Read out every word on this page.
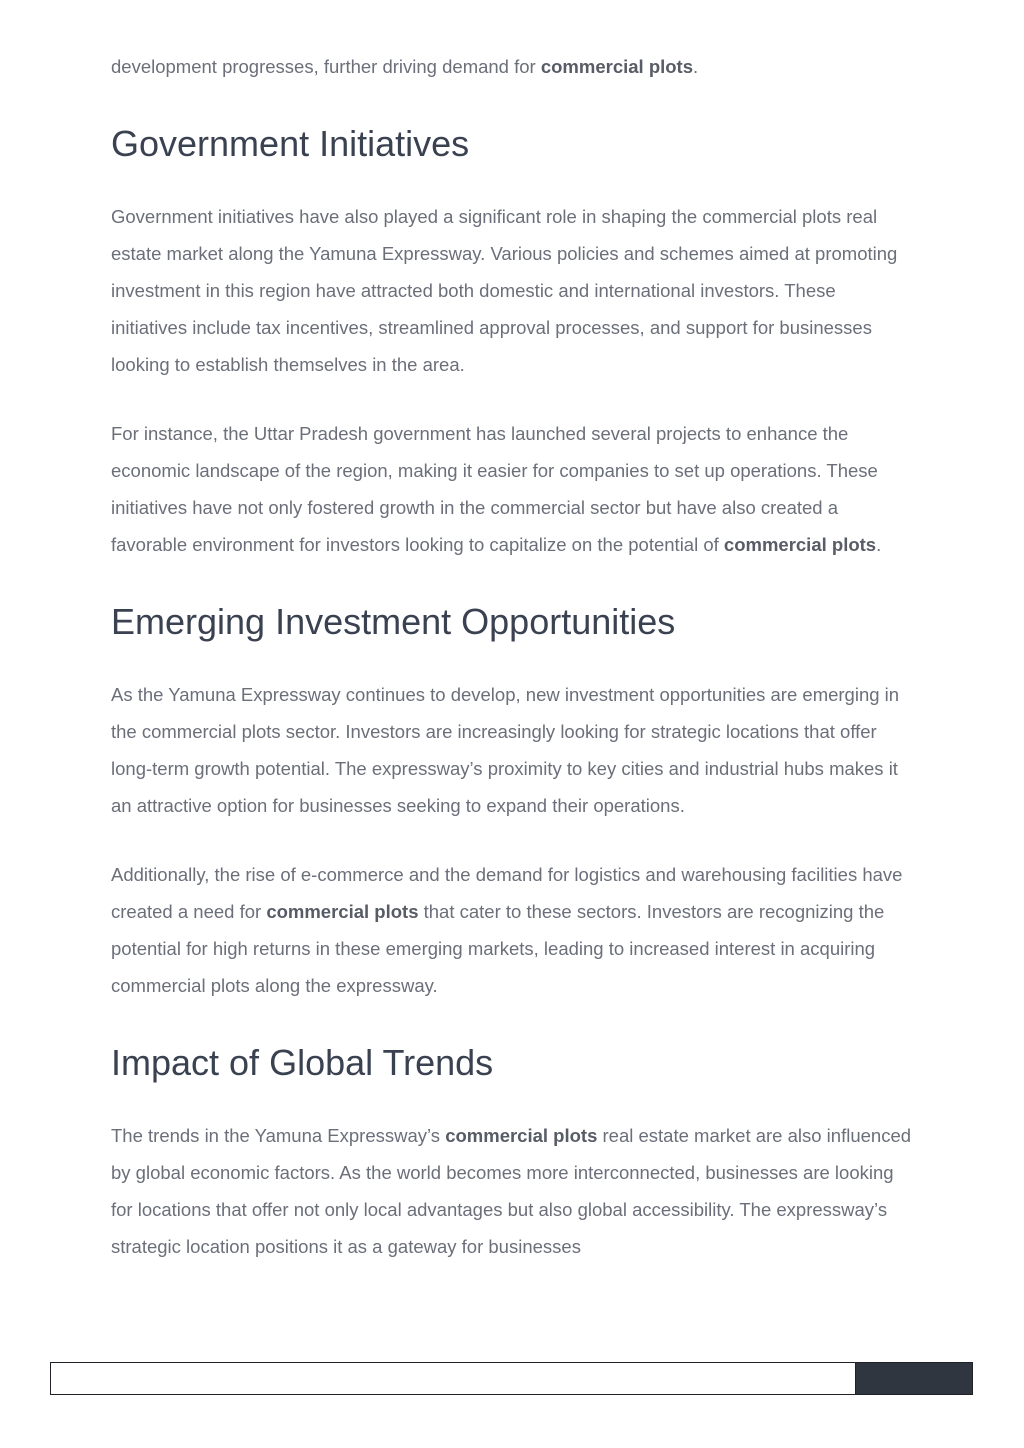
development progresses, further driving demand for commercial plots.

Government Initiatives

Government initiatives have also played a significant role in shaping the commercial plots real estate market along the Yamuna Expressway. Various policies and schemes aimed at promoting investment in this region have attracted both domestic and international investors. These initiatives include tax incentives, streamlined approval processes, and support for businesses looking to establish themselves in the area.

For instance, the Uttar Pradesh government has launched several projects to enhance the economic landscape of the region, making it easier for companies to set up operations. These initiatives have not only fostered growth in the commercial sector but have also created a favorable environment for investors looking to capitalize on the potential of commercial plots.

Emerging Investment Opportunities

As the Yamuna Expressway continues to develop, new investment opportunities are emerging in the commercial plots sector. Investors are increasingly looking for strategic locations that offer long-term growth potential. The expressway’s proximity to key cities and industrial hubs makes it an attractive option for businesses seeking to expand their operations.

Additionally, the rise of e-commerce and the demand for logistics and warehousing facilities have created a need for commercial plots that cater to these sectors. Investors are recognizing the potential for high returns in these emerging markets, leading to increased interest in acquiring commercial plots along the expressway.

Impact of Global Trends

The trends in the Yamuna Expressway’s commercial plots real estate market are also influenced by global economic factors. As the world becomes more interconnected, businesses are looking for locations that offer not only local advantages but also global accessibility. The expressway’s strategic location positions it as a gateway for businesses
